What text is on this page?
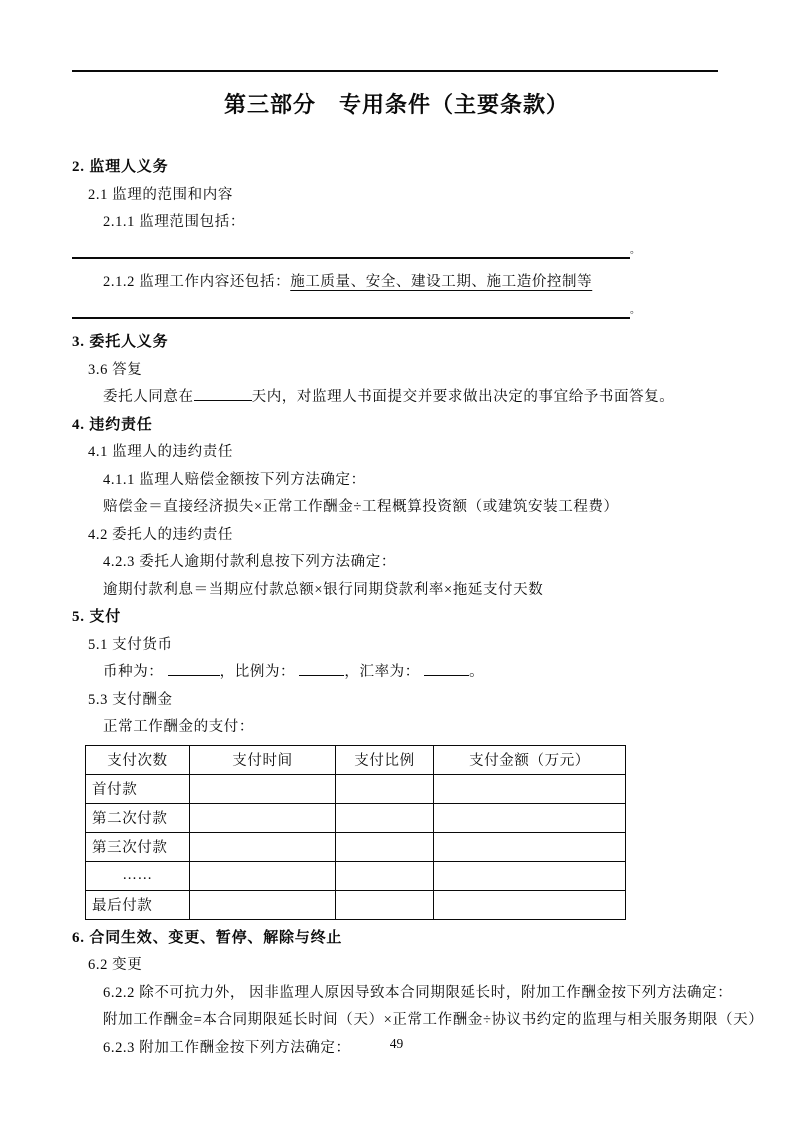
第三部分　专用条件（主要条款）
2. 监理人义务
2.1 监理的范围和内容
2.1.1 监理范围包括：
。
2.1.2 监理工作内容还包括：施工质量、安全、建设工期、施工造价控制等
。
3. 委托人义务
3.6 答复
委托人同意在	天内，对监理人书面提交并要求做出决定的事宜给予书面答复。
4. 违约责任
4.1 监理人的违约责任
4.1.1 监理人赔偿金额按下列方法确定：
赔偿金＝直接经济损失×正常工作酬金÷工程概算投资额（或建筑安装工程费）
4.2 委托人的违约责任
4.2.3 委托人逾期付款利息按下列方法确定：
逾期付款利息＝当期应付款总额×银行同期贷款利率×拖延支付天数
5. 支付
5.1 支付货币
币种为：	，比例为：	，汇率为：	。
5.3 支付酬金
正常工作酬金的支付：
支付次数	支付时间	支付比例	支付金额（万元）
首付款			
第二次付款			
第三次付款			
……			
最后付款			
6. 合同生效、变更、暂停、解除与终止
6.2 变更
6.2.2 除不可抗力外， 因非监理人原因导致本合同期限延长时，附加工作酬金按下列方法确定：
附加工作酬金=本合同期限延长时间（天）×正常工作酬金÷协议书约定的监理与相关服务期限（天）
6.2.3 附加工作酬金按下列方法确定：	49
